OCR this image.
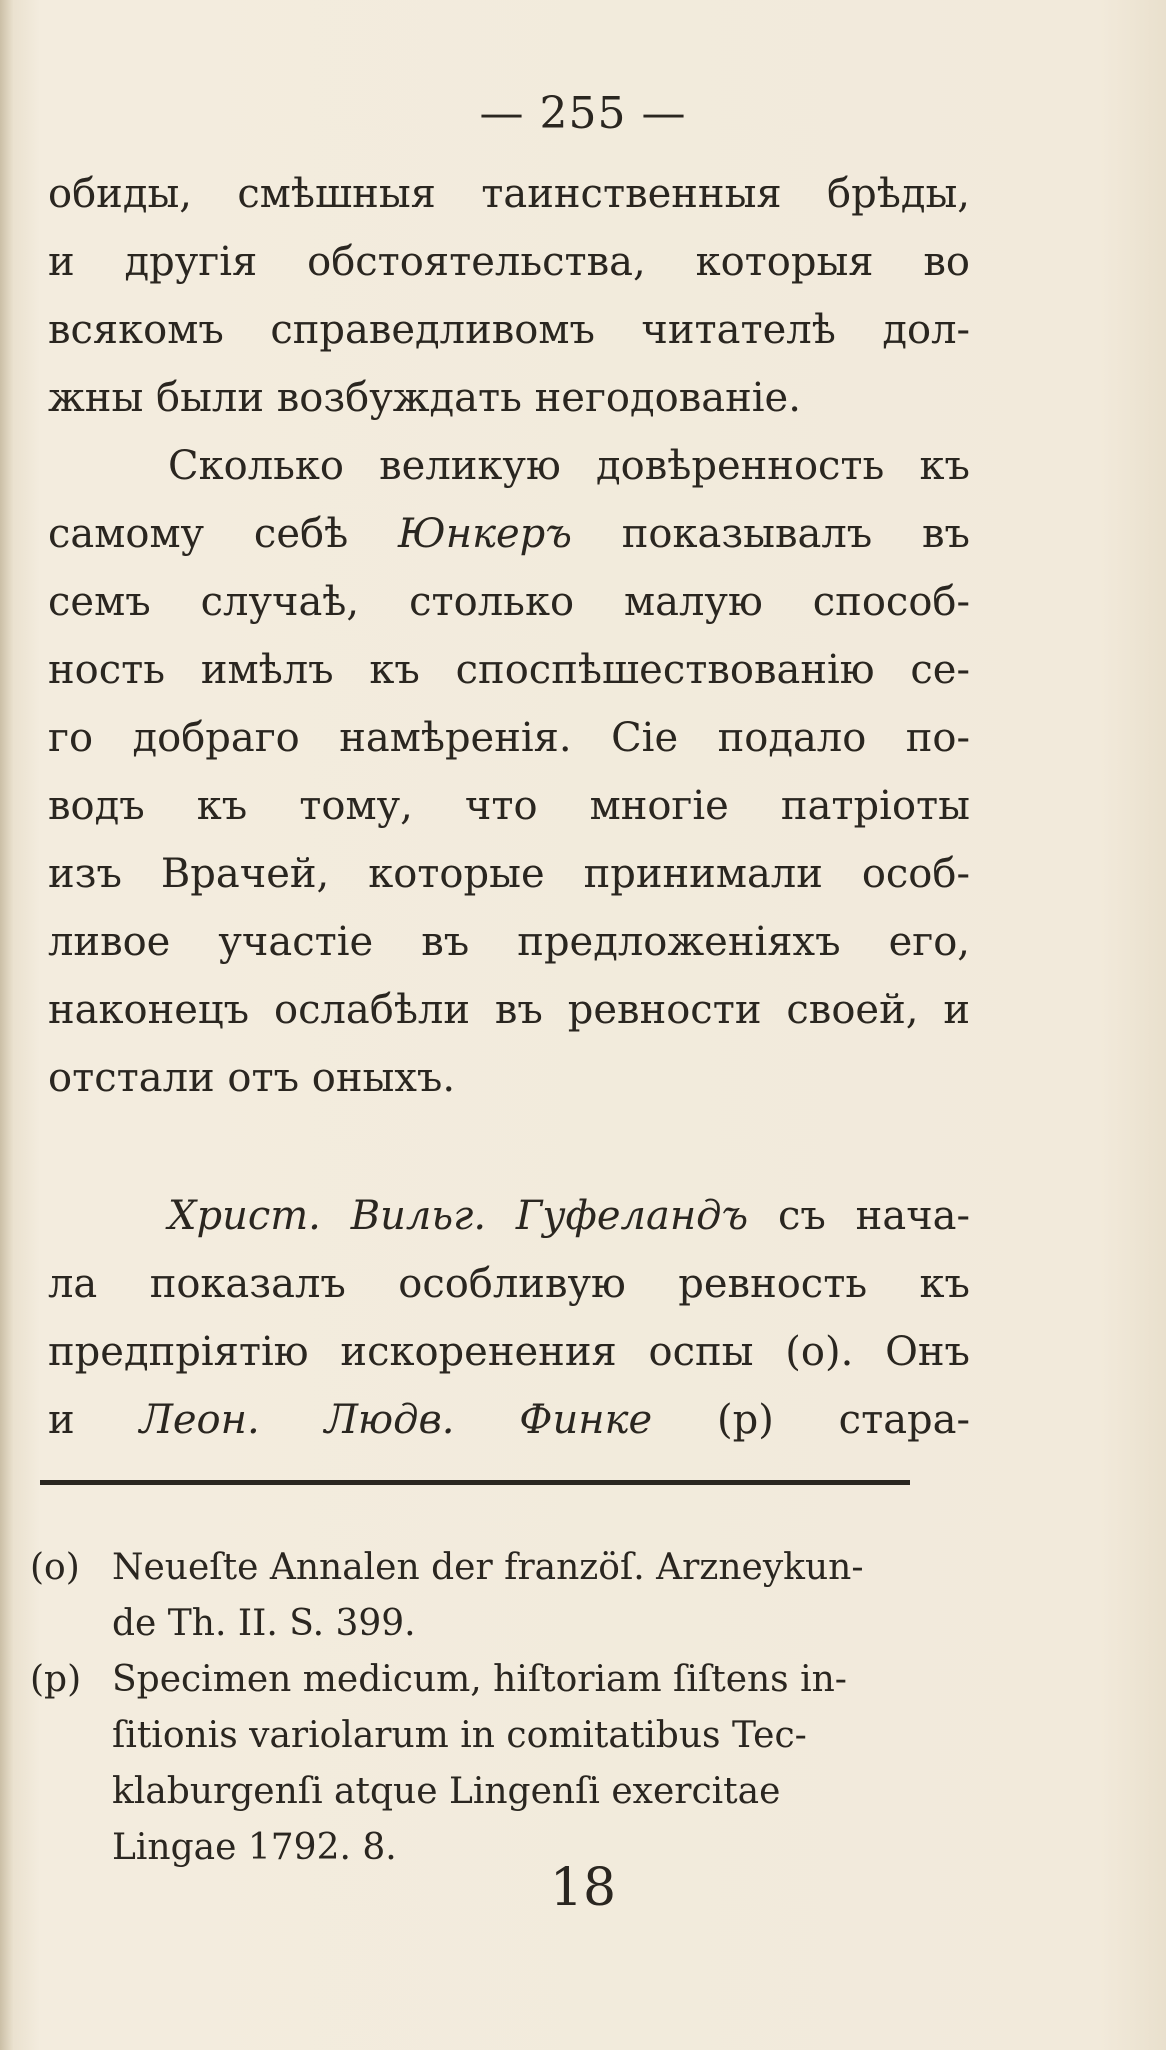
— 255 —
обиды, смѣшныя таинственныя брѣды,
и другія обстоятельства, которыя во
всякомъ справедливомъ читателѣ дол-
жны были возбуждать негодованіе.
Сколько великую довѣренность къ
самому себѣ Юнкеръ показывалъ въ
семъ случаѣ, столько малую способ-
ность имѣлъ къ споспѣшествованію се-
го добраго намѣренія. Сіе подало по-
водъ къ тому, что многіе патріоты
изъ Врачей, которые принимали особ-
ливое участіе въ предложеніяхъ его,
наконецъ ослабѣли въ ревности своей, и
отстали отъ оныхъ.
Христ. Вильг. Гуфеландъ съ нача-
ла показалъ особливую ревность къ
предпріятію искоренения оспы (o). Онъ
и Леон. Людв. Финке (p) стара-
(o) Neueſte Annalen der franzöſ. Arzneykun-
de Th. II. S. 399.
(p) Specimen medicum, hiſtoriam ſiſtens in-
ſitionis variolarum in comitatibus Tec-
klaburgenſi atque Lingenſi exercitae
Lingae 1792. 8.
18
